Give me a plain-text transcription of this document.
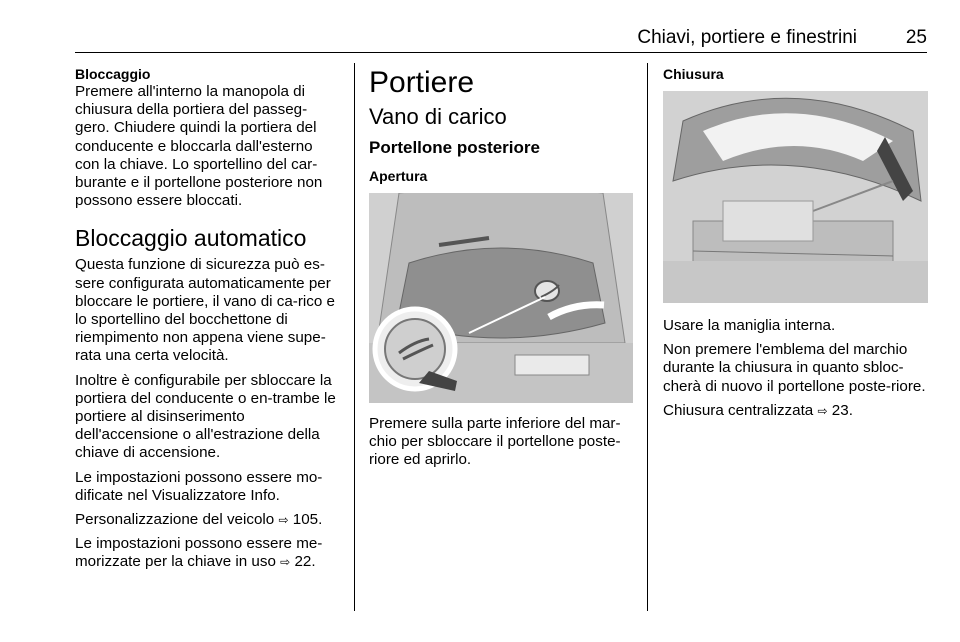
Chiavi, portiere e finestrini	25
Bloccaggio

Premere all'interno la manopola di chiusura della portiera del passeg-gero. Chiudere quindi la portiera del conducente e bloccarla dall'esterno con la chiave. Lo sportellino del car-burante e il portellone posteriore non possono essere bloccati.

Bloccaggio automatico

Questa funzione di sicurezza può es-sere configurata automaticamente per bloccare le portiere, il vano di ca-rico e lo sportellino del bocchettone di riempimento non appena viene supe-rata una certa velocità.

Inoltre è configurabile per sbloccare la portiera del conducente o en-trambe le portiere al disinserimento dell'accensione o all'estrazione della chiave di accensione.

Le impostazioni possono essere mo-dificate nel Visualizzatore Info.

Personalizzazione del veicolo ⇨ 105.

Le impostazioni possono essere me-morizzate per la chiave in uso ⇨ 22.

Portiere
Vano di carico
Portellone posteriore
Apertura

Premere sulla parte inferiore del mar-chio per sbloccare il portellone poste-riore ed aprirlo.

Chiusura

Usare la maniglia interna.

Non premere l'emblema del marchio durante la chiusura in quanto sbloc-cherà di nuovo il portellone poste-riore.

Chiusura centralizzata ⇨ 23.
